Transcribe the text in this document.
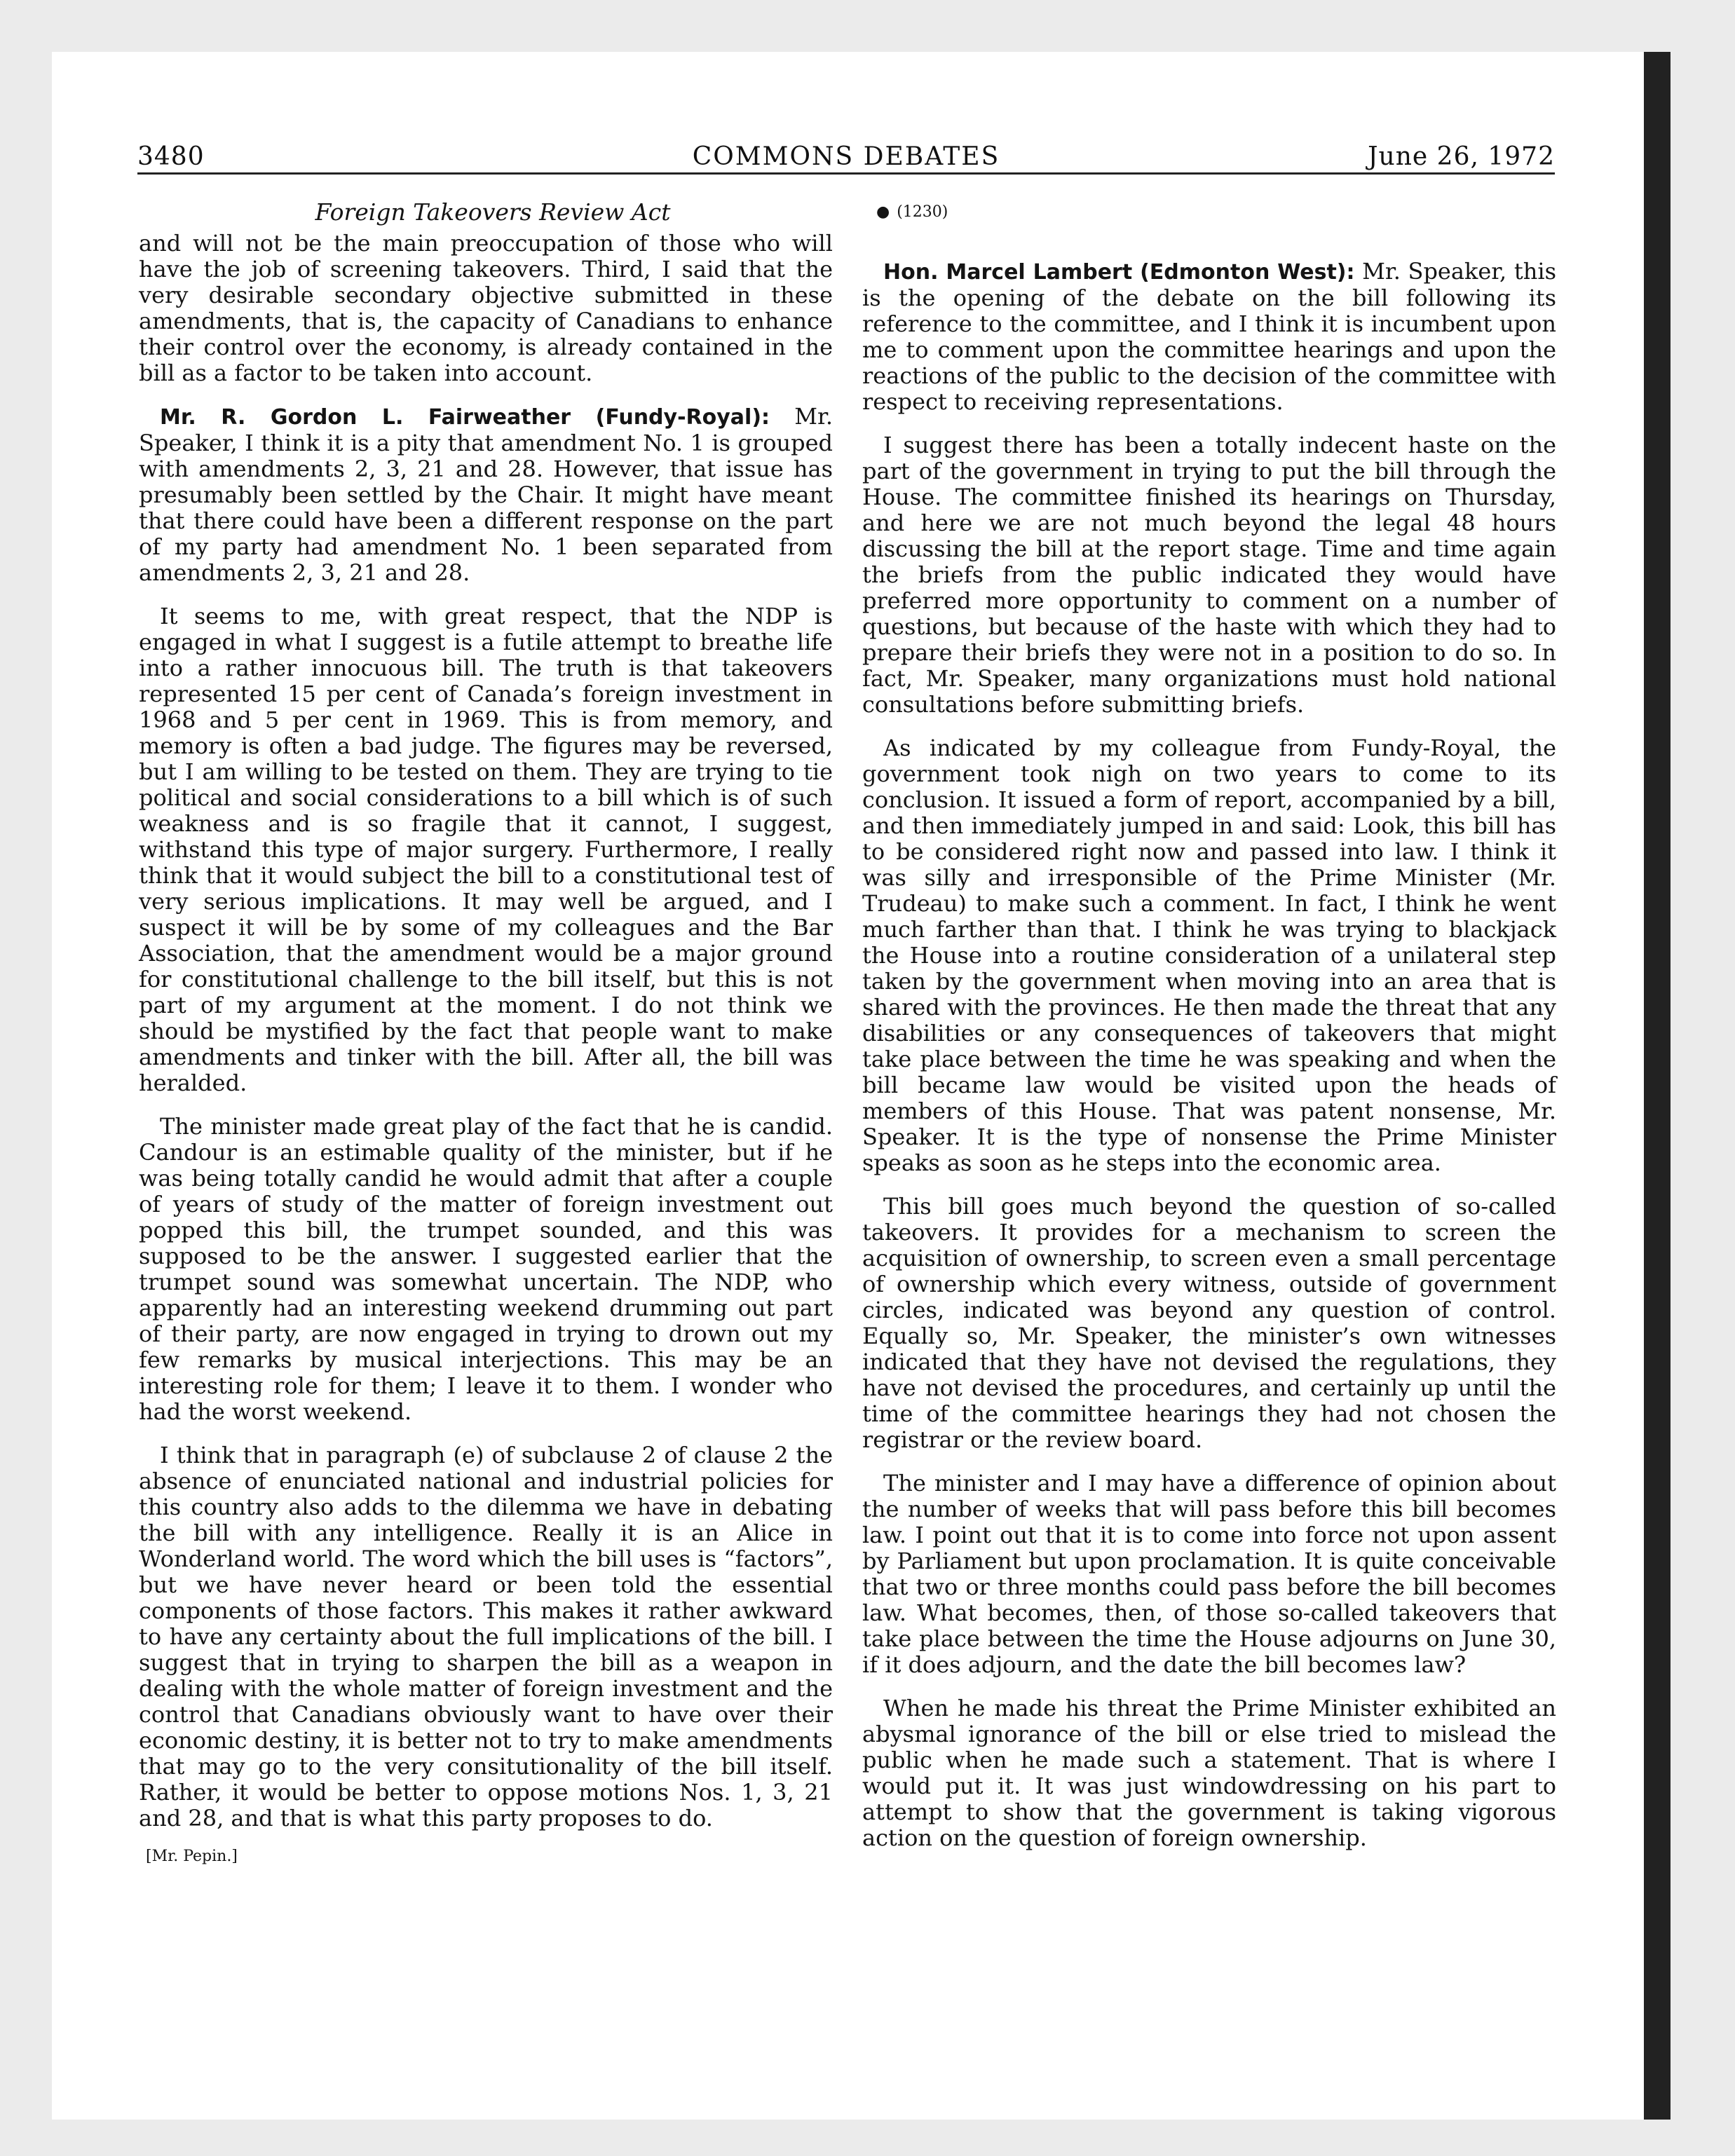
3480	COMMONS DEBATES	June 26, 1972
Foreign Takeovers Review Act

and will not be the main preoccupation of those who will have the job of screening takeovers. Third, I said that the very desirable secondary objective submitted in these amendments, that is, the capacity of Canadians to enhance their control over the economy, is already contained in the bill as a factor to be taken into account.

Mr. R. Gordon L. Fairweather (Fundy-Royal): Mr. Speaker, I think it is a pity that amendment No. 1 is grouped with amendments 2, 3, 21 and 28. However, that issue has presumably been settled by the Chair. It might have meant that there could have been a different response on the part of my party had amendment No. 1 been separated from amendments 2, 3, 21 and 28.

It seems to me, with great respect, that the NDP is engaged in what I suggest is a futile attempt to breathe life into a rather innocuous bill. The truth is that takeovers represented 15 per cent of Canada’s foreign investment in 1968 and 5 per cent in 1969. This is from memory, and memory is often a bad judge. The figures may be reversed, but I am willing to be tested on them. They are trying to tie political and social considerations to a bill which is of such weakness and is so fragile that it cannot, I suggest, withstand this type of major surgery. Furthermore, I really think that it would subject the bill to a constitutional test of very serious implications. It may well be argued, and I suspect it will be by some of my colleagues and the Bar Association, that the amendment would be a major ground for constitutional challenge to the bill itself, but this is not part of my argument at the moment. I do not think we should be mystified by the fact that people want to make amendments and tinker with the bill. After all, the bill was heralded.

The minister made great play of the fact that he is candid. Candour is an estimable quality of the minister, but if he was being totally candid he would admit that after a couple of years of study of the matter of foreign investment out popped this bill, the trumpet sounded, and this was supposed to be the answer. I suggested earlier that the trumpet sound was somewhat uncertain. The NDP, who apparently had an interesting weekend drumming out part of their party, are now engaged in trying to drown out my few remarks by musical interjections. This may be an interesting role for them; I leave it to them. I wonder who had the worst weekend.

I think that in paragraph (e) of subclause 2 of clause 2 the absence of enunciated national and industrial policies for this country also adds to the dilemma we have in debating the bill with any intelligence. Really it is an Alice in Wonderland world. The word which the bill uses is “factors”, but we have never heard or been told the essential components of those factors. This makes it rather awkward to have any certainty about the full implications of the bill. I suggest that in trying to sharpen the bill as a weapon in dealing with the whole matter of foreign investment and the control that Canadians obviously want to have over their economic destiny, it is better not to try to make amendments that may go to the very consitutionality of the bill itself. Rather, it would be better to oppose motions Nos. 1, 3, 21 and 28, and that is what this party proposes to do.

[Mr. Pepin.]
● (1230)

Hon. Marcel Lambert (Edmonton West): Mr. Speaker, this is the opening of the debate on the bill following its reference to the committee, and I think it is incumbent upon me to comment upon the committee hearings and upon the reactions of the public to the decision of the committee with respect to receiving representations.

I suggest there has been a totally indecent haste on the part of the government in trying to put the bill through the House. The committee finished its hearings on Thursday, and here we are not much beyond the legal 48 hours discussing the bill at the report stage. Time and time again the briefs from the public indicated they would have preferred more opportunity to comment on a number of questions, but because of the haste with which they had to prepare their briefs they were not in a position to do so. In fact, Mr. Speaker, many organizations must hold national consultations before submitting briefs.

As indicated by my colleague from Fundy-Royal, the government took nigh on two years to come to its conclusion. It issued a form of report, accompanied by a bill, and then immediately jumped in and said: Look, this bill has to be considered right now and passed into law. I think it was silly and irresponsible of the Prime Minister (Mr. Trudeau) to make such a comment. In fact, I think he went much farther than that. I think he was trying to blackjack the House into a routine consideration of a unilateral step taken by the government when moving into an area that is shared with the provinces. He then made the threat that any disabilities or any consequences of takeovers that might take place between the time he was speaking and when the bill became law would be visited upon the heads of members of this House. That was patent nonsense, Mr. Speaker. It is the type of nonsense the Prime Minister speaks as soon as he steps into the economic area.

This bill goes much beyond the question of so-called takeovers. It provides for a mechanism to screen the acquisition of ownership, to screen even a small percentage of ownership which every witness, outside of government circles, indicated was beyond any question of control. Equally so, Mr. Speaker, the minister’s own witnesses indicated that they have not devised the regulations, they have not devised the procedures, and certainly up until the time of the committee hearings they had not chosen the registrar or the review board.

The minister and I may have a difference of opinion about the number of weeks that will pass before this bill becomes law. I point out that it is to come into force not upon assent by Parliament but upon proclamation. It is quite conceivable that two or three months could pass before the bill becomes law. What becomes, then, of those so-called takeovers that take place between the time the House adjourns on June 30, if it does adjourn, and the date the bill becomes law?

When he made his threat the Prime Minister exhibited an abysmal ignorance of the bill or else tried to mislead the public when he made such a statement. That is where I would put it. It was just windowdressing on his part to attempt to show that the government is taking vigorous action on the question of foreign ownership.
